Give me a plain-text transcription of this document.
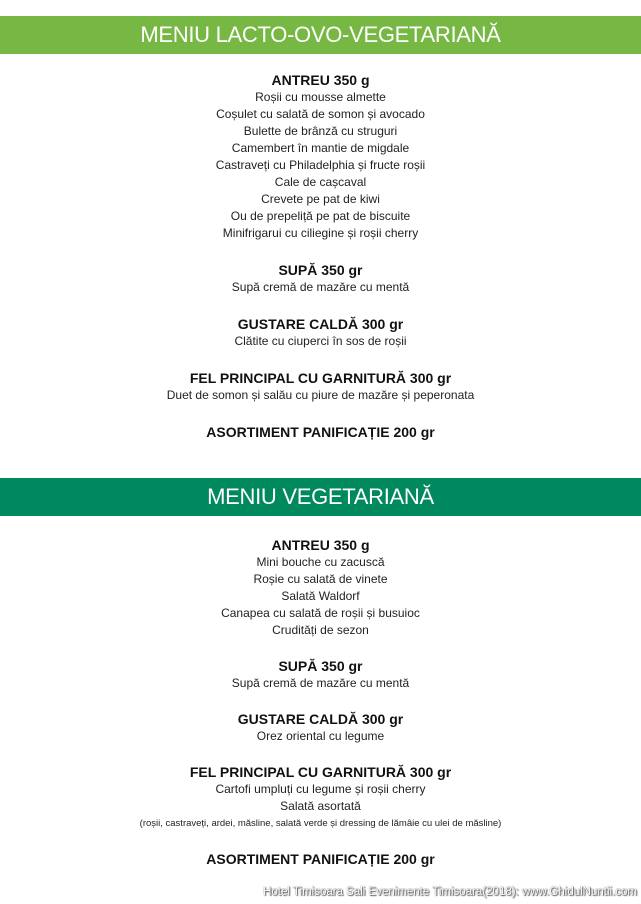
MENIU LACTO-OVO-VEGETARIANĂ
ANTREU 350 g
Roșii cu mousse almette
Coșulet cu salată de somon și avocado
Bulette de brânză cu struguri
Camembert în mantie de migdale
Castraveți cu Philadelphia și fructe roșii
Cale de cașcaval
Crevete pe pat de kiwi
Ou de prepeliță pe pat de biscuite
Minifrigarui cu ciliegine și roșii cherry
SUPĂ 350 gr
Supă cremă de mazăre cu mentă
GUSTARE CALDĂ 300 gr
Clătite cu ciuperci în sos de roșii
FEL PRINCIPAL CU GARNITURĂ 300 gr
Duet de somon și salău cu piure de mazăre și peperonata
ASORTIMENT PANIFICAȚIE 200 gr
MENIU VEGETARIANĂ
ANTREU 350 g
Mini bouche cu zacuscă
Roșie cu salată de vinete
Salată Waldorf
Canapea cu salată de roșii și busuioc
Crudități de sezon
SUPĂ 350 gr
Supă cremă de mazăre cu mentă
GUSTARE CALDĂ 300 gr
Orez oriental cu legume
FEL PRINCIPAL CU GARNITURĂ 300 gr
Cartofi umpluți cu legume și roșii cherry
Salată asortată
(roșii, castraveți, ardei, măsline, salată verde și dressing de lămâie cu ulei de măsline)
ASORTIMENT PANIFICAȚIE 200 gr
Hotel Timisoara Sali Evenimente Timisoara(2018): www.GhidulNuntii.com
